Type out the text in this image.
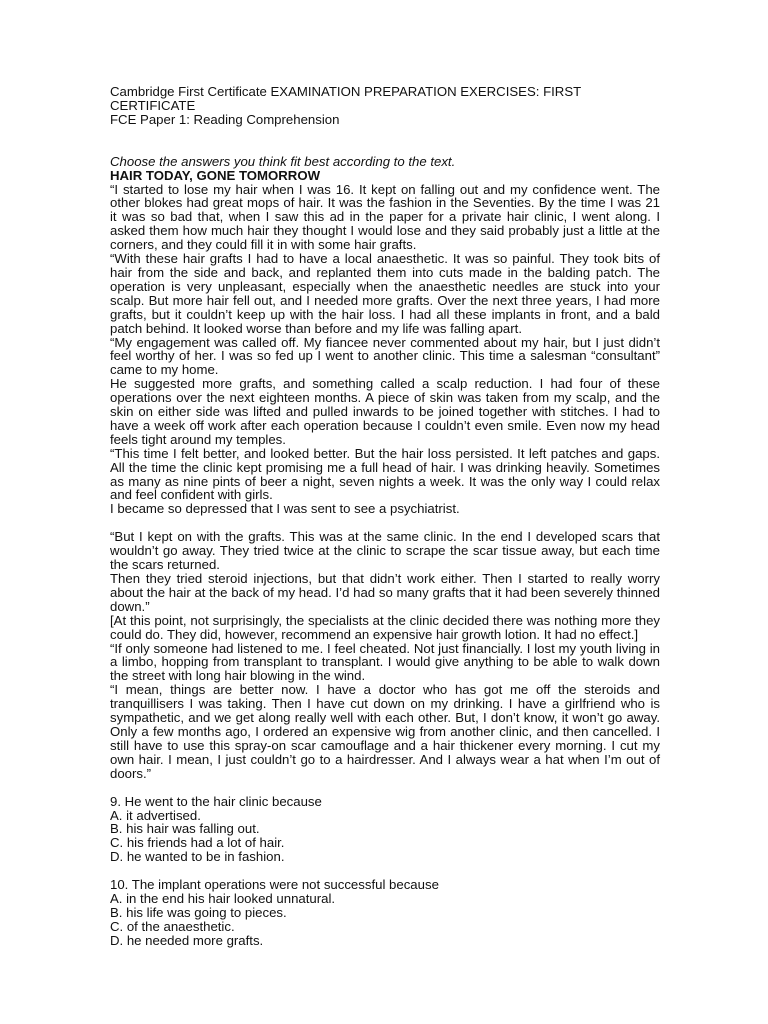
Cambridge First Certificate EXAMINATION PREPARATION EXERCISES: FIRST

CERTIFICATE

FCE Paper 1: Reading Comprehension

Choose the answers you think fit best according to the text.

HAIR TODAY, GONE TOMORROW

“I started to lose my hair when I was 16. It kept on falling out and my confidence went. The other blokes had great mops of hair. It was the fashion in the Seventies. By the time I was 21 it was so bad that, when I saw this ad in the paper for a private hair clinic, I went along. I asked them how much hair they thought I would lose and they said probably just a little at the corners, and they could fill it in with some hair grafts.

“With these hair grafts I had to have a local anaesthetic. It was so painful. They took bits of hair from the side and back, and replanted them into cuts made in the balding patch. The operation is very unpleasant, especially when the anaesthetic needles are stuck into your scalp. But more hair fell out, and I needed more grafts. Over the next three years, I had more grafts, but it couldn’t keep up with the hair loss. I had all these implants in front, and a bald patch behind. It looked worse than before and my life was falling apart.

“My engagement was called off. My fiancee never commented about my hair, but I just didn’t feel worthy of her. I was so fed up I went to another clinic. This time a salesman “consultant” came to my home.

He suggested more grafts, and something called a scalp reduction. I had four of these operations over the next eighteen months. A piece of skin was taken from my scalp, and the skin on either side was lifted and pulled inwards to be joined together with stitches. I had to have a week off work after each operation because I couldn’t even smile. Even now my head feels tight around my temples.

“This time I felt better, and looked better. But the hair loss persisted. It left patches and gaps. All the time the clinic kept promising me a full head of hair. I was drinking heavily. Sometimes as many as nine pints of beer a night, seven nights a week. It was the only way I could relax and feel confident with girls.

I became so depressed that I was sent to see a psychiatrist.

“But I kept on with the grafts. This was at the same clinic. In the end I developed scars that wouldn’t go away. They tried twice at the clinic to scrape the scar tissue away, but each time the scars returned.

Then they tried steroid injections, but that didn’t work either. Then I started to really worry about the hair at the back of my head. I’d had so many grafts that it had been severely thinned down.”

[At this point, not surprisingly, the specialists at the clinic decided there was nothing more they could do. They did, however, recommend an expensive hair growth lotion. It had no effect.]

“If only someone had listened to me. I feel cheated. Not just financially. I lost my youth living in a limbo, hopping from transplant to transplant. I would give anything to be able to walk down the street with long hair blowing in the wind.

“I mean, things are better now. I have a doctor who has got me off the steroids and tranquillisers I was taking. Then I have cut down on my drinking. I have a girlfriend who is sympathetic, and we get along really well with each other. But, I don’t know, it won’t go away. Only a few months ago, I ordered an expensive wig from another clinic, and then cancelled. I still have to use this spray-on scar camouflage and a hair thickener every morning. I cut my own hair. I mean, I just couldn’t go to a hairdresser. And I always wear a hat when I’m out of doors.”

9. He went to the hair clinic because

A. it advertised.

B. his hair was falling out.

C. his friends had a lot of hair.

D. he wanted to be in fashion.

10. The implant operations were not successful because

A. in the end his hair looked unnatural.

B. his life was going to pieces.

C. of the anaesthetic.

D. he needed more grafts.
